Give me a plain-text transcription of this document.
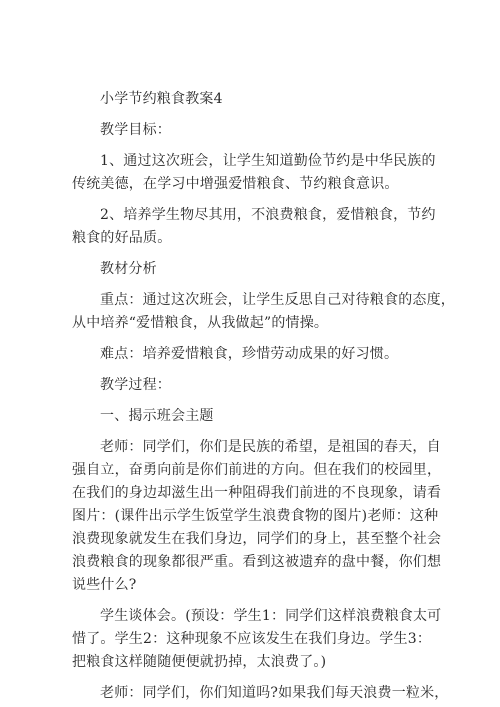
小学节约粮食教案4
教学目标：
1、通过这次班会，让学生知道勤俭节约是中华民族的
传统美德，在学习中增强爱惜粮食、节约粮食意识。
2、培养学生物尽其用，不浪费粮食，爱惜粮食，节约
粮食的好品质。
教材分析
重点：通过这次班会，让学生反思自己对待粮食的态度，
从中培养“爱惜粮食，从我做起”的情操。
难点：培养爱惜粮食，珍惜劳动成果的好习惯。
教学过程：
一、揭示班会主题
老师：同学们，你们是民族的希望，是祖国的春天，自
强自立，奋勇向前是你们前进的方向。但在我们的校园里，
在我们的身边却滋生出一种阻碍我们前进的不良现象，请看
图片：(课件出示学生饭堂学生浪费食物的图片)老师：这种
浪费现象就发生在我们身边，同学们的身上，甚至整个社会
浪费粮食的现象都很严重。看到这被遗弃的盘中餐，你们想
说些什么?
学生谈体会。(预设：学生1：同学们这样浪费粮食太可
惜了。学生2：这种现象不应该发生在我们身边。学生3：
把粮食这样随随便便就扔掉，太浪费了。)
老师：同学们，你们知道吗?如果我们每天浪费一粒米，
